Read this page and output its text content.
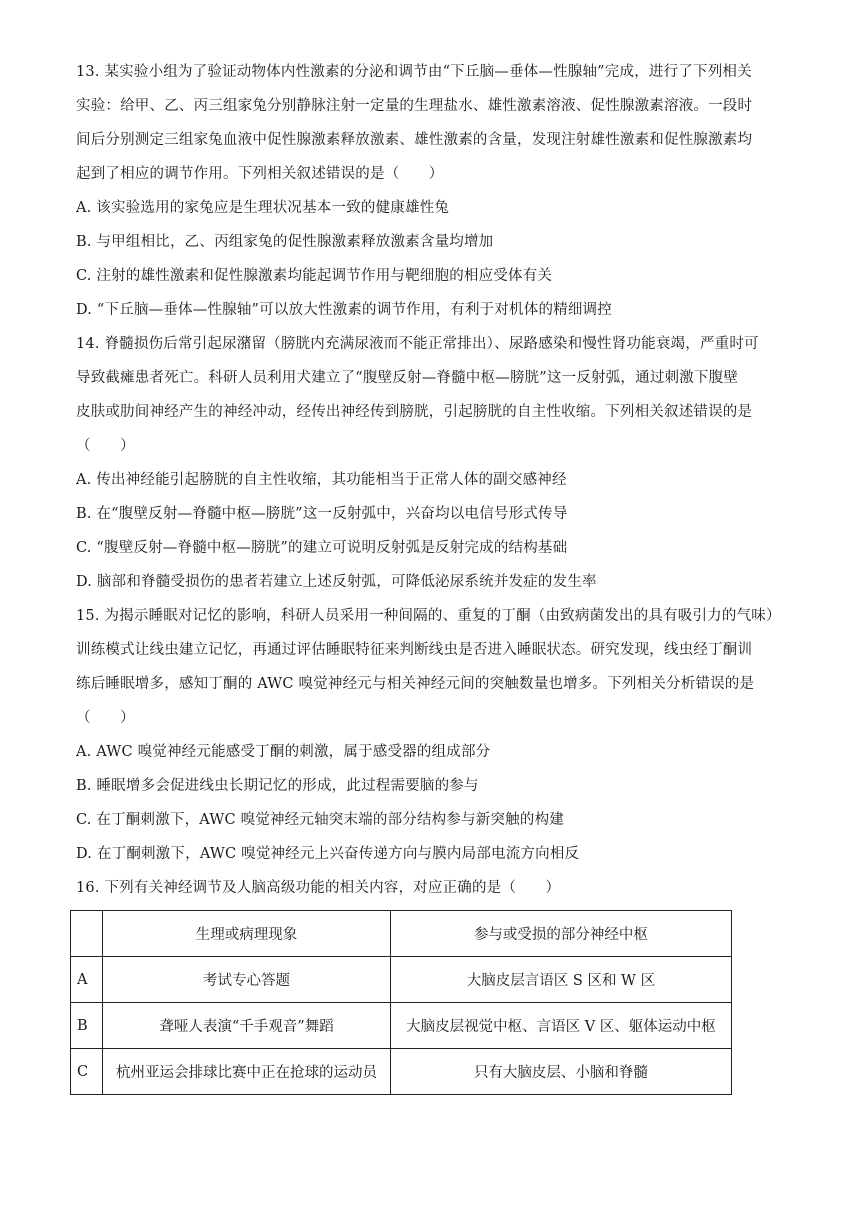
13. 某实验小组为了验证动物体内性激素的分泌和调节由“下丘脑—垂体—性腺轴”完成，进行了下列相关
实验：给甲、乙、丙三组家兔分别静脉注射一定量的生理盐水、雄性激素溶液、促性腺激素溶液。一段时
间后分别测定三组家兔血液中促性腺激素释放激素、雄性激素的含量，发现注射雄性激素和促性腺激素均
起到了相应的调节作用。下列相关叙述错误的是（　　）
A. 该实验选用的家兔应是生理状况基本一致的健康雄性兔
B. 与甲组相比，乙、丙组家兔的促性腺激素释放激素含量均增加
C. 注射的雄性激素和促性腺激素均能起调节作用与靶细胞的相应受体有关
D. “下丘脑—垂体—性腺轴”可以放大性激素的调节作用，有利于对机体的精细调控
14. 脊髓损伤后常引起尿潴留（膀胱内充满尿液而不能正常排出）、尿路感染和慢性肾功能衰竭，严重时可
导致截瘫患者死亡。科研人员利用犬建立了“腹壁反射—脊髓中枢—膀胱”这一反射弧，通过刺激下腹壁
皮肤或肋间神经产生的神经冲动，经传出神经传到膀胱，引起膀胱的自主性收缩。下列相关叙述错误的是
（　　）
A. 传出神经能引起膀胱的自主性收缩，其功能相当于正常人体的副交感神经
B. 在“腹壁反射—脊髓中枢—膀胱”这一反射弧中，兴奋均以电信号形式传导
C. “腹壁反射—脊髓中枢—膀胱”的建立可说明反射弧是反射完成的结构基础
D. 脑部和脊髓受损伤的患者若建立上述反射弧，可降低泌尿系统并发症的发生率
15. 为揭示睡眠对记忆的影响，科研人员采用一种间隔的、重复的丁酮（由致病菌发出的具有吸引力的气味）
训练模式让线虫建立记忆，再通过评估睡眠特征来判断线虫是否进入睡眠状态。研究发现，线虫经丁酮训
练后睡眠增多，感知丁酮的 AWC 嗅觉神经元与相关神经元间的突触数量也增多。下列相关分析错误的是
（　　）
A. AWC 嗅觉神经元能感受丁酮的刺激，属于感受器的组成部分
B. 睡眠增多会促进线虫长期记忆的形成，此过程需要脑的参与
C. 在丁酮刺激下，AWC 嗅觉神经元轴突末端的部分结构参与新突触的构建
D. 在丁酮刺激下，AWC 嗅觉神经元上兴奋传递方向与膜内局部电流方向相反
16. 下列有关神经调节及人脑高级功能的相关内容，对应正确的是（　　）
	生理或病理现象	参与或受损的部分神经中枢
A	考试专心答题	大脑皮层言语区 S 区和 W 区
B	聋哑人表演“千手观音”舞蹈	大脑皮层视觉中枢、言语区 V 区、躯体运动中枢
C	杭州亚运会排球比赛中正在抢球的运动员	只有大脑皮层、小脑和脊髓
